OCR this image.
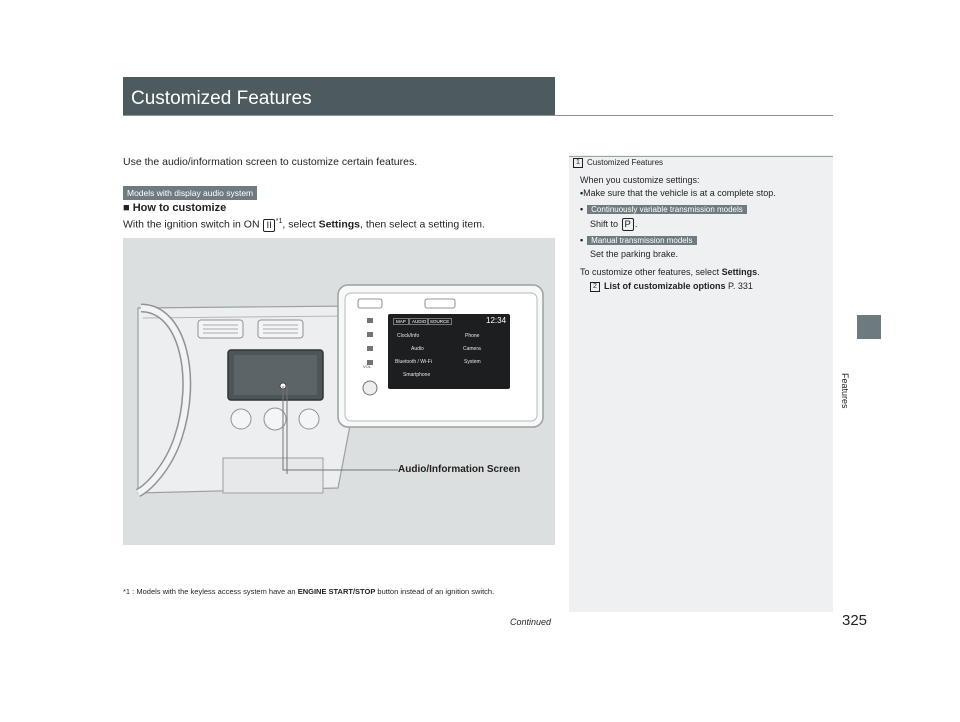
Customized Features
Features
Use the audio/information screen to customize certain features.
Models with display audio system
■ How to customize
With the ignition switch in ON II $^{*1}$, select Settings, then select a setting item.
MAP	AUDIO SOURCE	12:34
Clock/Info	Phone
Audio	Camera
Bluetooth / Wi-Fi	System
Smartphone
VOL
Audio/Information Screen
*1 : Models with the keyless access system have an ENGINE START/STOP button instead of an ignition switch.
Continued	325
1 Customized Features
When you customize settings:
•Make sure that the vehicle is at a complete stop.
• Continuously variable transmission models
Shift to P .
• Manual transmission models
Set the parking brake.
To customize other features, select Settings.
2 List of customizable options P. 331
